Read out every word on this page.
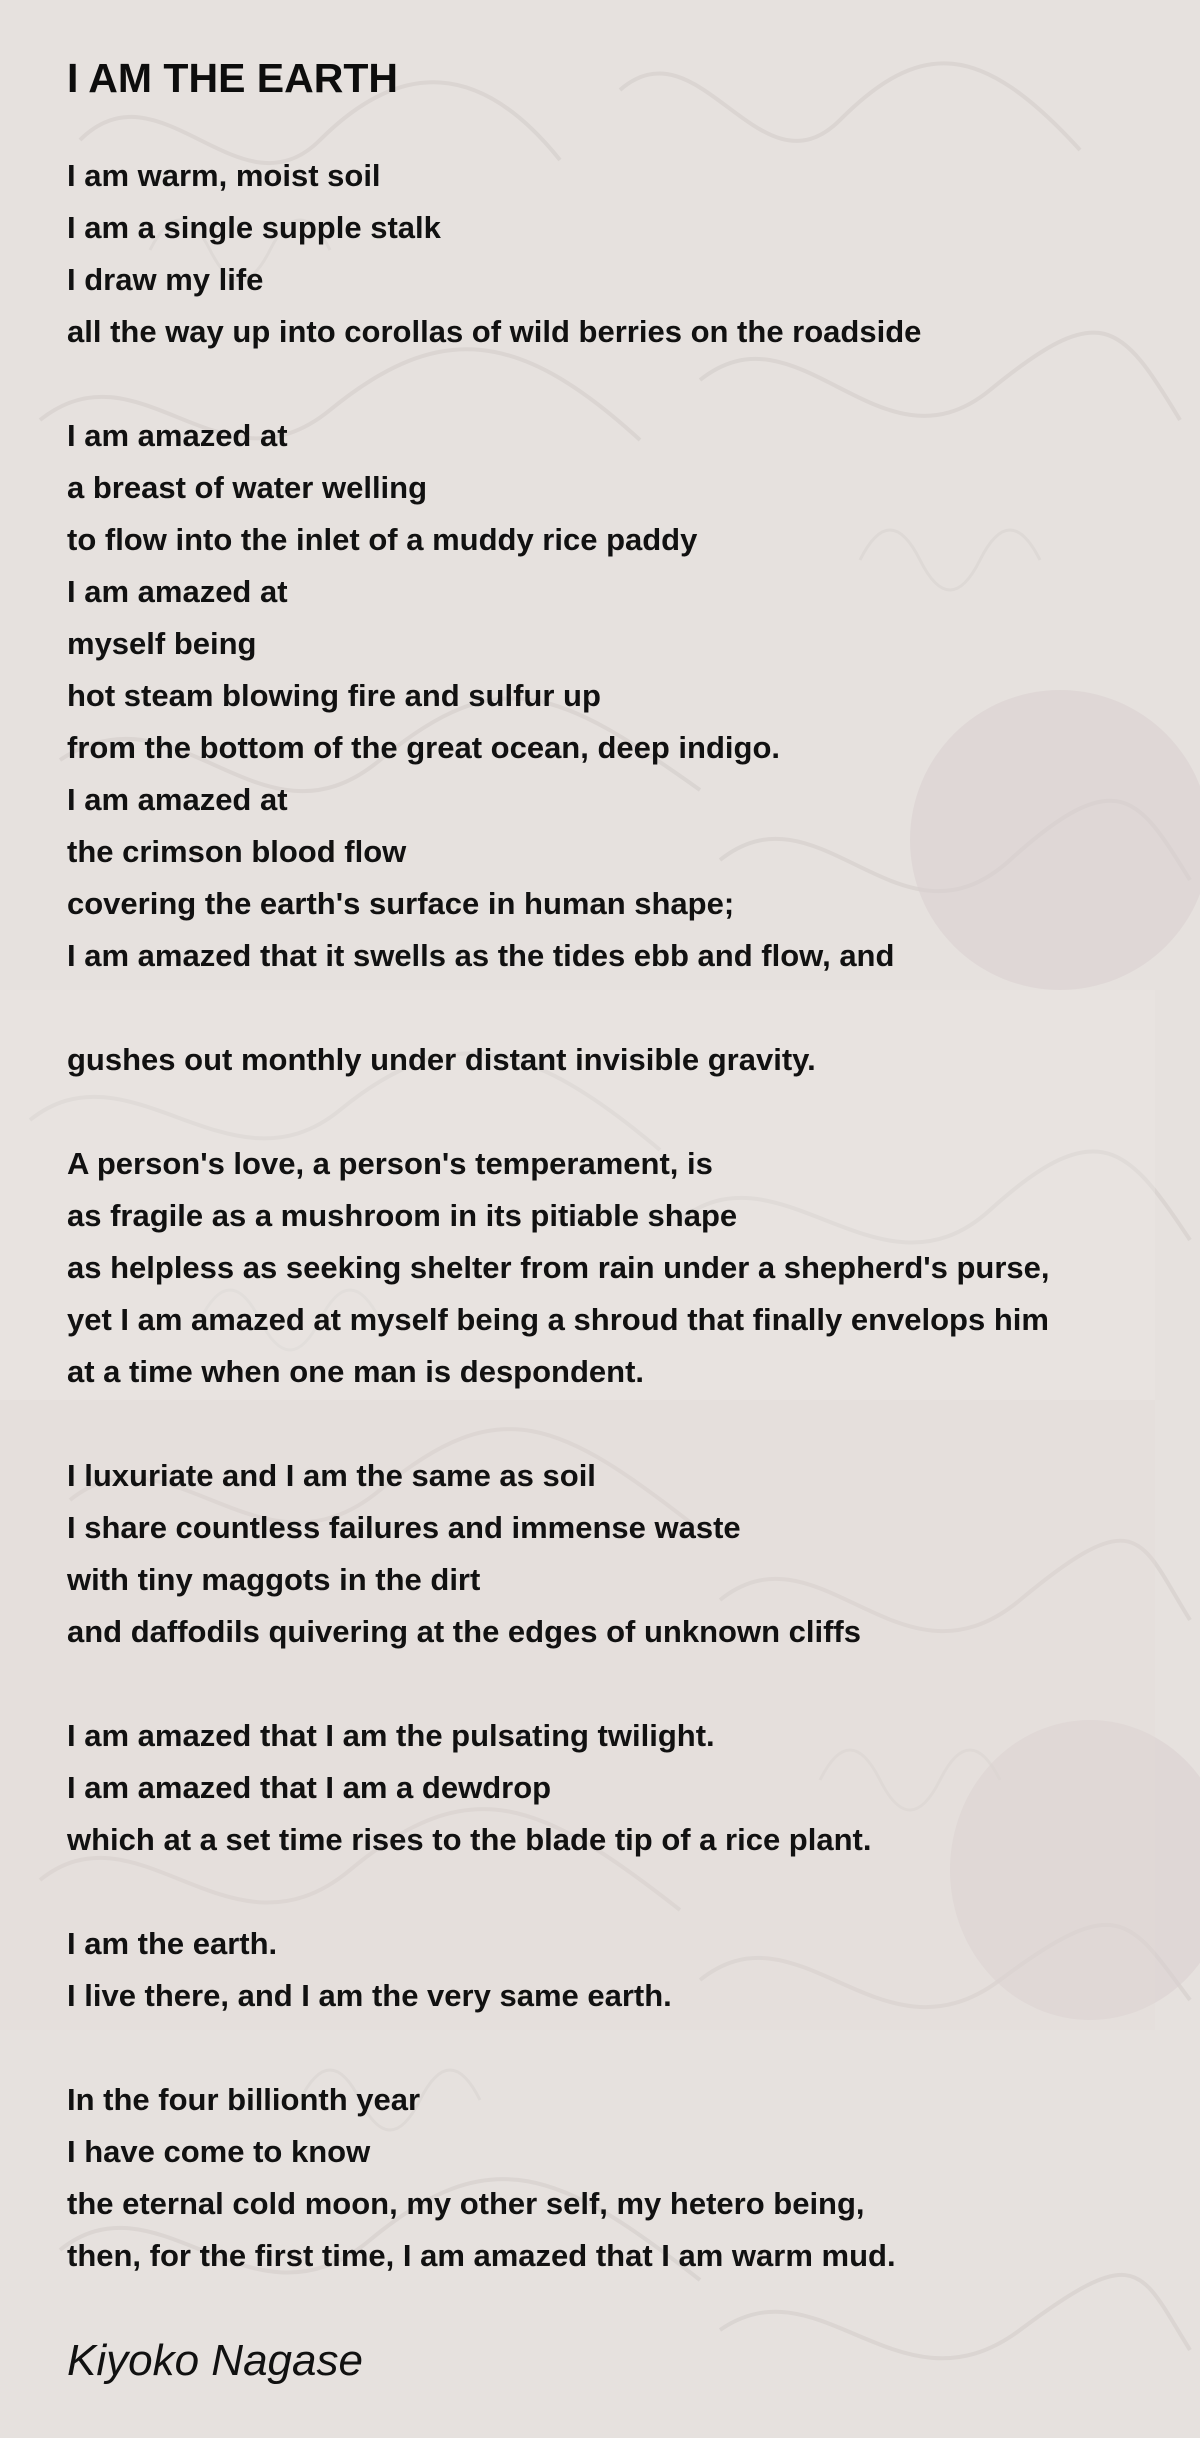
I AM THE EARTH
I am warm, moist soil
I am a single supple stalk
I draw my life
all the way up into corollas of wild berries on the roadside
I am amazed at
a breast of water welling
to flow into the inlet of a muddy rice paddy
I am amazed at
myself being
hot steam blowing fire and sulfur up
from the bottom of the great ocean, deep indigo.
I am amazed at
the crimson blood flow
covering the earth's surface in human shape;
I am amazed that it swells as the tides ebb and flow, and
gushes out monthly under distant invisible gravity.
A person's love, a person's temperament, is
as fragile as a mushroom in its pitiable shape
as helpless as seeking shelter from rain under a shepherd's purse,
yet I am amazed at myself being a shroud that finally envelops him
at a time when one man is despondent.
I luxuriate and I am the same as soil
I share countless failures and immense waste
with tiny maggots in the dirt
and daffodils quivering at the edges of unknown cliffs
I am amazed that I am the pulsating twilight.
I am amazed that I am a dewdrop
which at a set time rises to the blade tip of a rice plant.
I am the earth.
I live there, and I am the very same earth.
In the four billionth year
I have come to know
the eternal cold moon, my other self, my hetero being,
then, for the first time, I am amazed that I am warm mud.

Kiyoko Nagase
